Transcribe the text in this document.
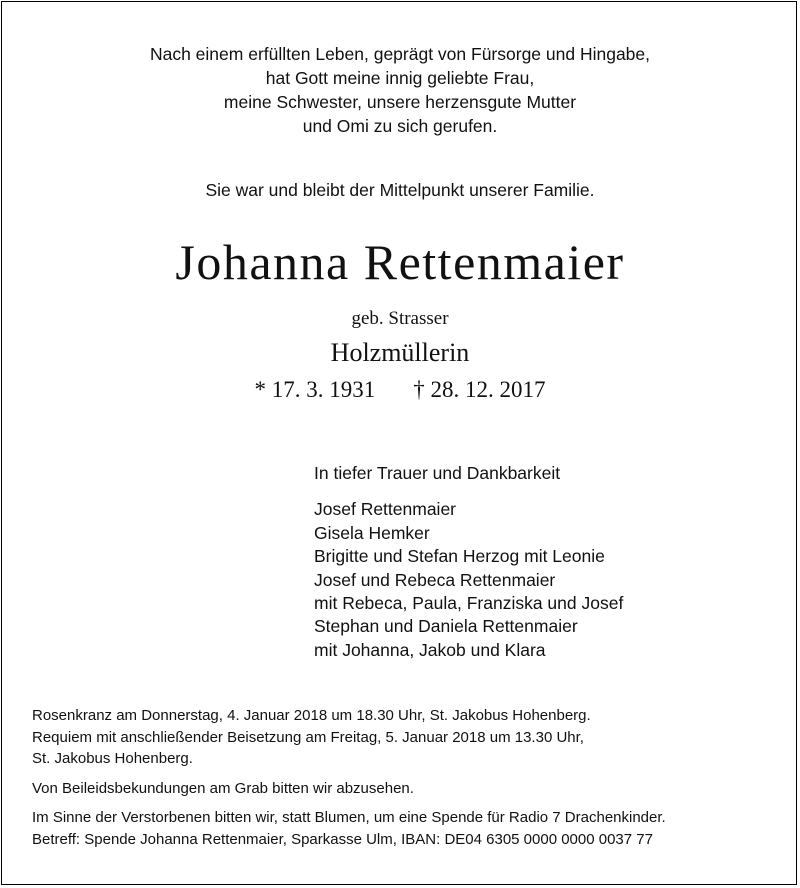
Nach einem erfüllten Leben, geprägt von Fürsorge und Hingabe,
hat Gott meine innig geliebte Frau,
meine Schwester, unsere herzensgute Mutter
und Omi zu sich gerufen.
Sie war und bleibt der Mittelpunkt unserer Familie.
Johanna Rettenmaier
geb. Strasser
Holzmüllerin
* 17. 3. 1931 † 28. 12. 2017
In tiefer Trauer und Dankbarkeit
Josef Rettenmaier
Gisela Hemker
Brigitte und Stefan Herzog mit Leonie
Josef und Rebeca Rettenmaier
mit Rebeca, Paula, Franziska und Josef
Stephan und Daniela Rettenmaier
mit Johanna, Jakob und Klara
Rosenkranz am Donnerstag, 4. Januar 2018 um 18.30 Uhr, St. Jakobus Hohenberg.
Requiem mit anschließender Beisetzung am Freitag, 5. Januar 2018 um 13.30 Uhr,
St. Jakobus Hohenberg.
Von Beileidsbekundungen am Grab bitten wir abzusehen.
Im Sinne der Verstorbenen bitten wir, statt Blumen, um eine Spende für Radio 7 Drachenkinder.
Betreff: Spende Johanna Rettenmaier, Sparkasse Ulm, IBAN: DE04 6305 0000 0000 0037 77
